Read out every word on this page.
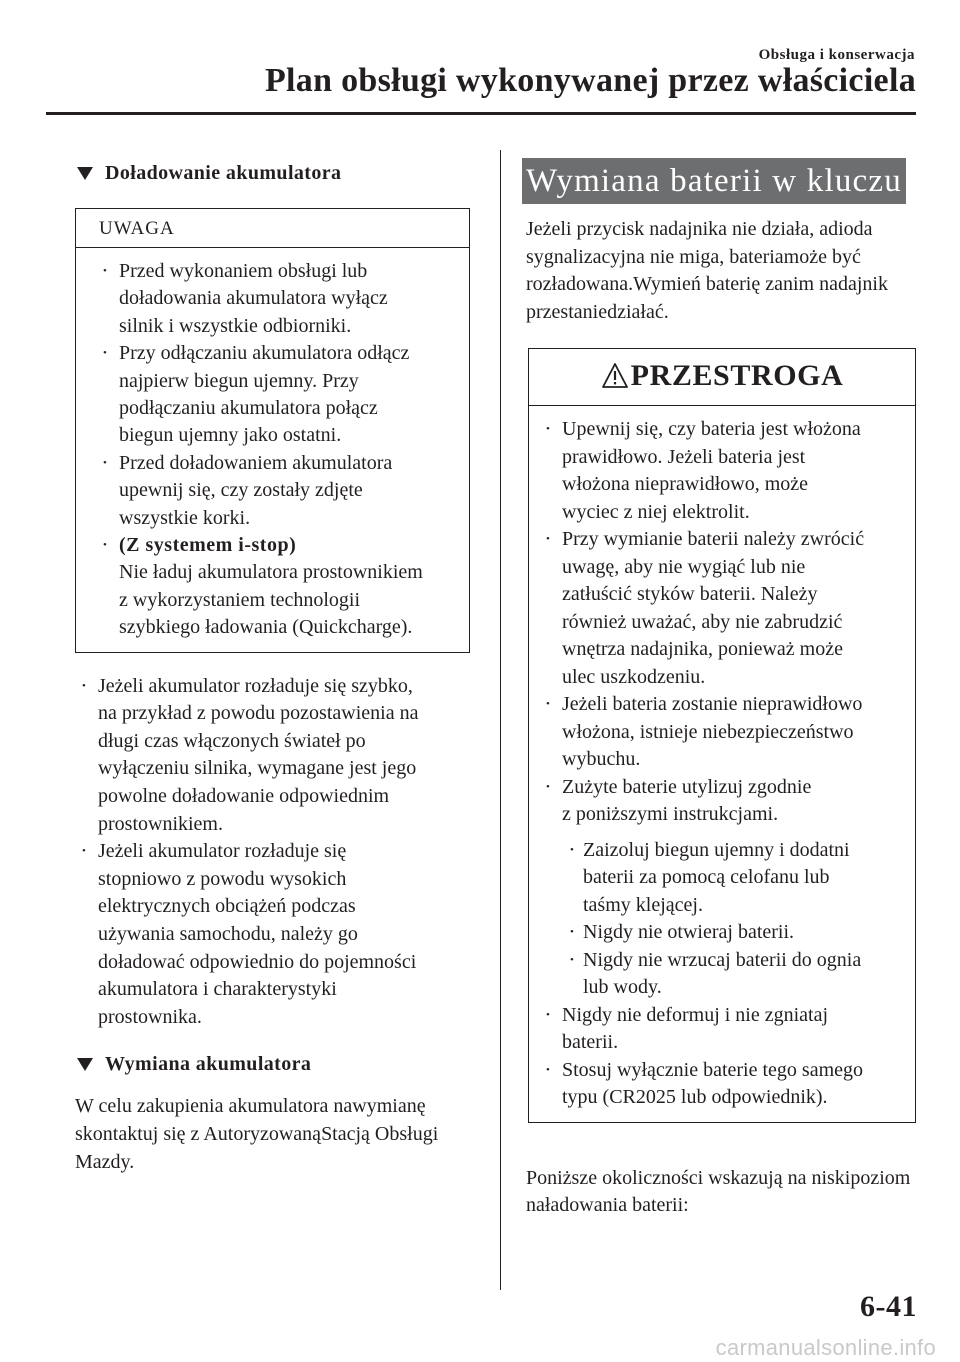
Obsługa i konserwacja
Plan obsługi wykonywanej przez właściciela
Doładowanie akumulatora
UWAGA
• Przed wykonaniem obsługi lub
doładowania akumulatora wyłącz
silnik i wszystkie odbiorniki.
• Przy odłączaniu akumulatora odłącz
najpierw biegun ujemny. Przy
podłączaniu akumulatora połącz
biegun ujemny jako ostatni.
• Przed doładowaniem akumulatora
upewnij się, czy zostały zdjęte
wszystkie korki.
• (Z systemem i-stop)
Nie ładuj akumulatora prostownikiem
z wykorzystaniem technologii
szybkiego ładowania (Quickcharge).
• Jeżeli akumulator rozładuje się szybko,
na przykład z powodu pozostawienia na
długi czas włączonych świateł po
wyłączeniu silnika, wymagane jest jego
powolne doładowanie odpowiednim
prostownikiem.
• Jeżeli akumulator rozładuje się
stopniowo z powodu wysokich
elektrycznych obciążeń podczas
używania samochodu, należy go
doładować odpowiednio do pojemności
akumulatora i charakterystyki
prostownika.
Wymiana akumulatora
W celu zakupienia akumulatora nawymianę skontaktuj się z AutoryzowanąStacją Obsługi Mazdy.
Wymiana baterii w kluczu
Jeżeli przycisk nadajnika nie działa, adioda sygnalizacyjna nie miga, bateriamoże być rozładowana.Wymień baterię zanim nadajnik przestaniedziałać.
PRZESTROGA
• Upewnij się, czy bateria jest włożona
prawidłowo. Jeżeli bateria jest
włożona nieprawidłowo, może
wyciec z niej elektrolit.
• Przy wymianie baterii należy zwrócić
uwagę, aby nie wygiąć lub nie
zatłuścić styków baterii. Należy
również uważać, aby nie zabrudzić
wnętrza nadajnika, ponieważ może
ulec uszkodzeniu.
• Jeżeli bateria zostanie nieprawidłowo
włożona, istnieje niebezpieczeństwo
wybuchu.
• Zużyte baterie utylizuj zgodnie
z poniższymi instrukcjami.
• Zaizoluj biegun ujemny i dodatni
baterii za pomocą celofanu lub
taśmy klejącej.
• Nigdy nie otwieraj baterii.
• Nigdy nie wrzucaj baterii do ognia
lub wody.
• Nigdy nie deformuj i nie zgniataj
baterii.
• Stosuj wyłącznie baterie tego samego
typu (CR2025 lub odpowiednik).
Poniższe okoliczności wskazują na niskipoziom naładowania baterii:
6-41
carmanualsonline.info
